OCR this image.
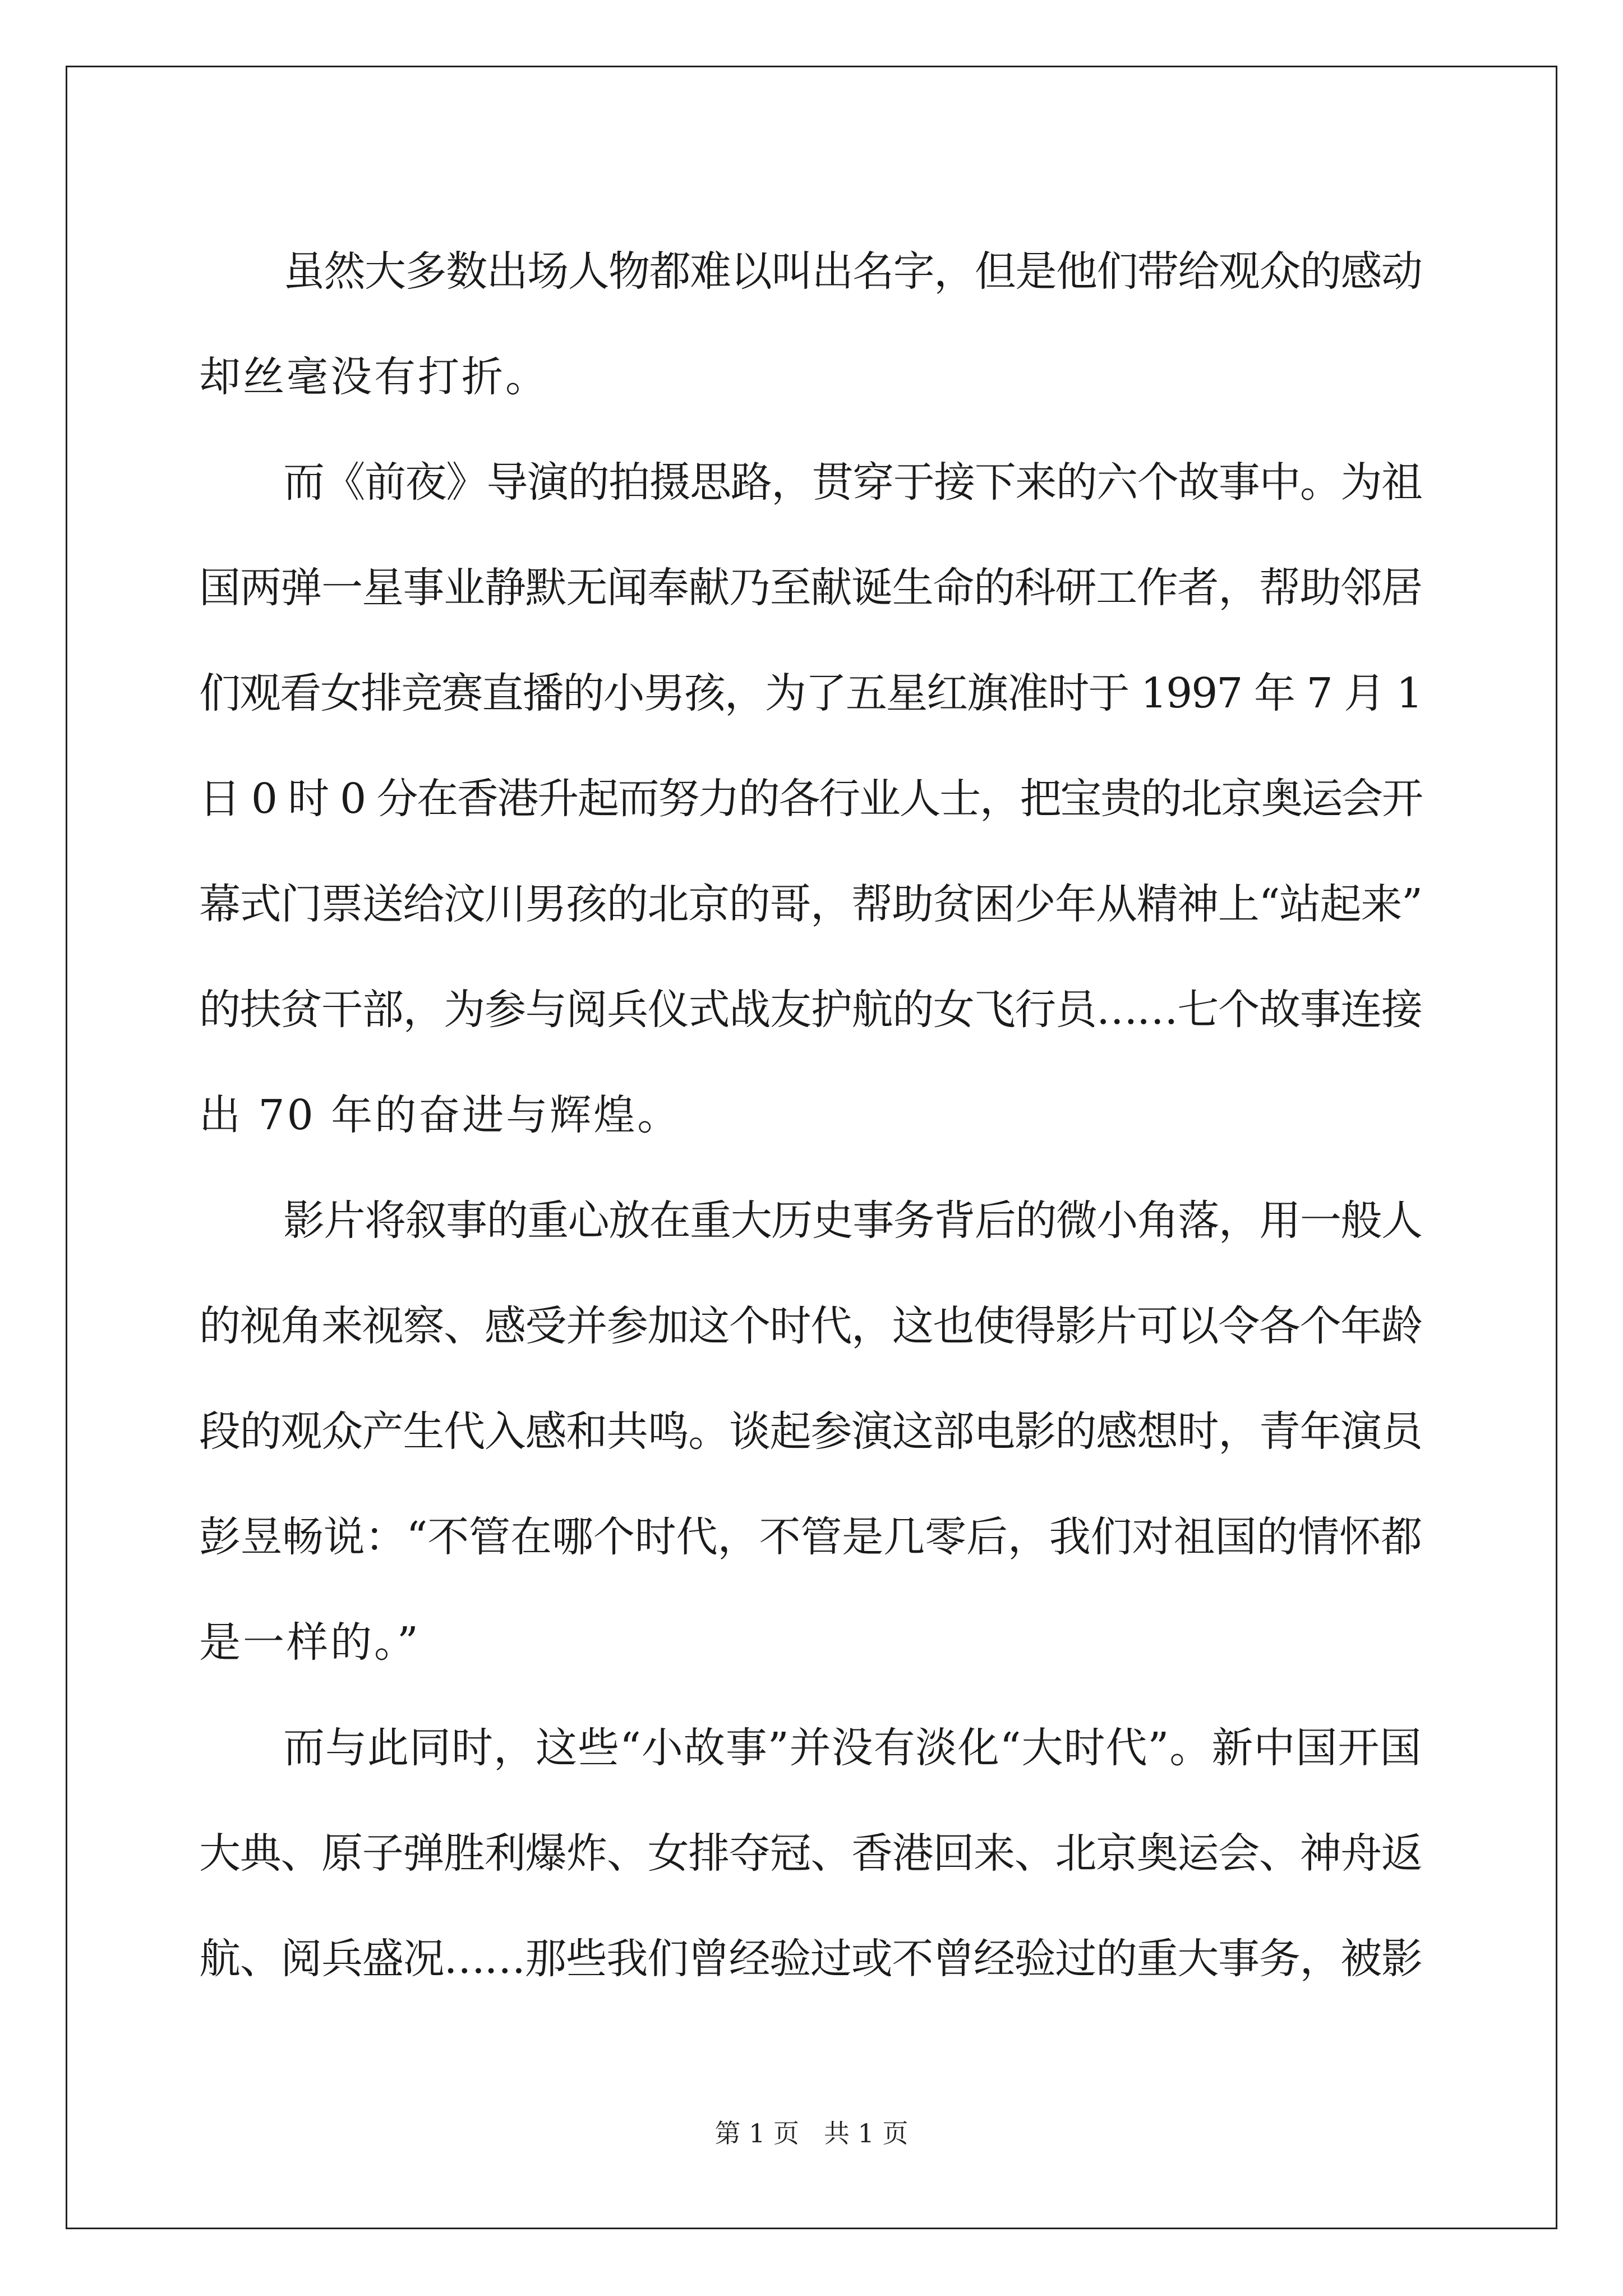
虽然大多数出场人物都难以叫出名字，但是他们带给观众的感动
却丝毫没有打折。
而《前夜》导演的拍摄思路，贯穿于接下来的六个故事中。为祖
国两弹一星事业静默无闻奉献乃至献诞生命的科研工作者，帮助邻居
们观看女排竞赛直播的小男孩，为了五星红旗准时于 1997 年 7 月 1
日 0 时 0 分在香港升起而努力的各行业人士，把宝贵的北京奥运会开
幕式门票送给汶川男孩的北京的哥，帮助贫困少年从精神上“站起来”
的扶贫干部，为参与阅兵仪式战友护航的女飞行员……七个故事连接
出 70 年的奋进与辉煌。
影片将叙事的重心放在重大历史事务背后的微小角落，用一般人
的视角来视察、感受并参加这个时代，这也使得影片可以令各个年龄
段的观众产生代入感和共鸣。谈起参演这部电影的感想时，青年演员
彭昱畅说：“不管在哪个时代，不管是几零后，我们对祖国的情怀都
是一样的。”
而与此同时，这些“小故事”并没有淡化“大时代”。新中国开国
大典、原子弹胜利爆炸、女排夺冠、香港回来、北京奥运会、神舟返
航、阅兵盛况……那些我们曾经验过或不曾经验过的重大事务，被影
第 1 页 共 1 页
